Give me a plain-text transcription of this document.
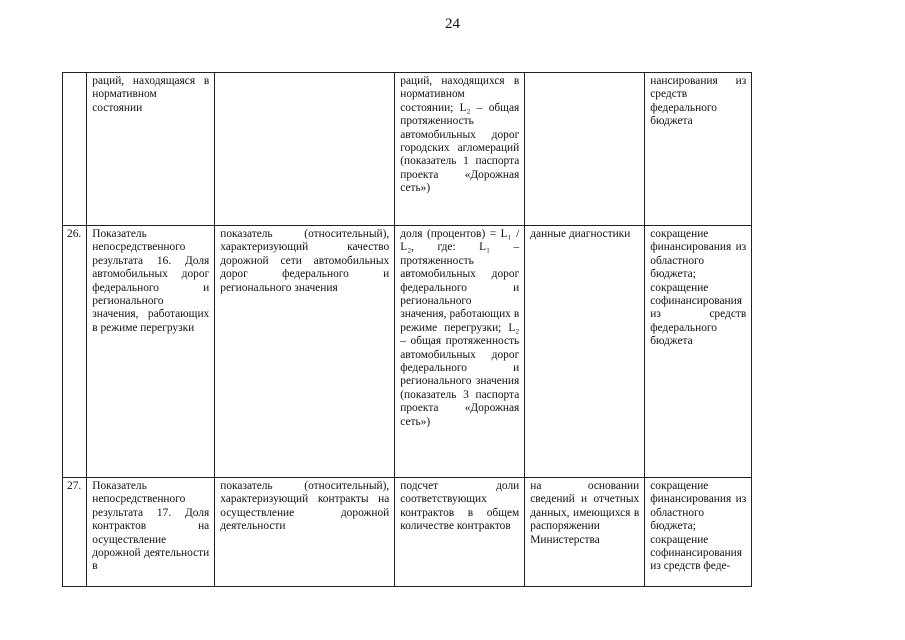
24
	раций, находящаяся в нормативном состоянии		раций, находящихся в нормативном состоянии; L₂ – общая протяженность автомобильных дорог городских агломераций (показатель 1 паспорта проекта «Дорожная сеть»)		нансирования из средств федерального бюджета
26.	Показатель непосредственного результата 16. Доля автомобильных дорог федерального и регионального значения, работающих в режиме перегрузки	показатель (относительный), характеризующий качество дорожной сети автомобильных дорог федерального и регионального значения	доля (процентов) = L₁ / L₂, где: L₁ – протяженность автомобильных дорог федерального и регионального значения, работающих в режиме перегрузки; L₂ – общая протяженность автомобильных дорог федерального и регионального значения (показатель 3 паспорта проекта «Дорожная сеть»)	данные диагностики	сокращение финансирования из областного бюджета; сокращение софинансирования из средств федерального бюджета
27.	Показатель непосредственного результата 17. Доля контрактов на осуществление дорожной деятельности в	показатель (относительный), характеризующий контракты на осуществление дорожной деятельности	подсчет доли соответствующих контрактов в общем количестве контрактов	на основании сведений и отчетных данных, имеющихся в распоряжении Министерства	сокращение финансирования из областного бюджета; сокращение софинансирования из средств феде-
